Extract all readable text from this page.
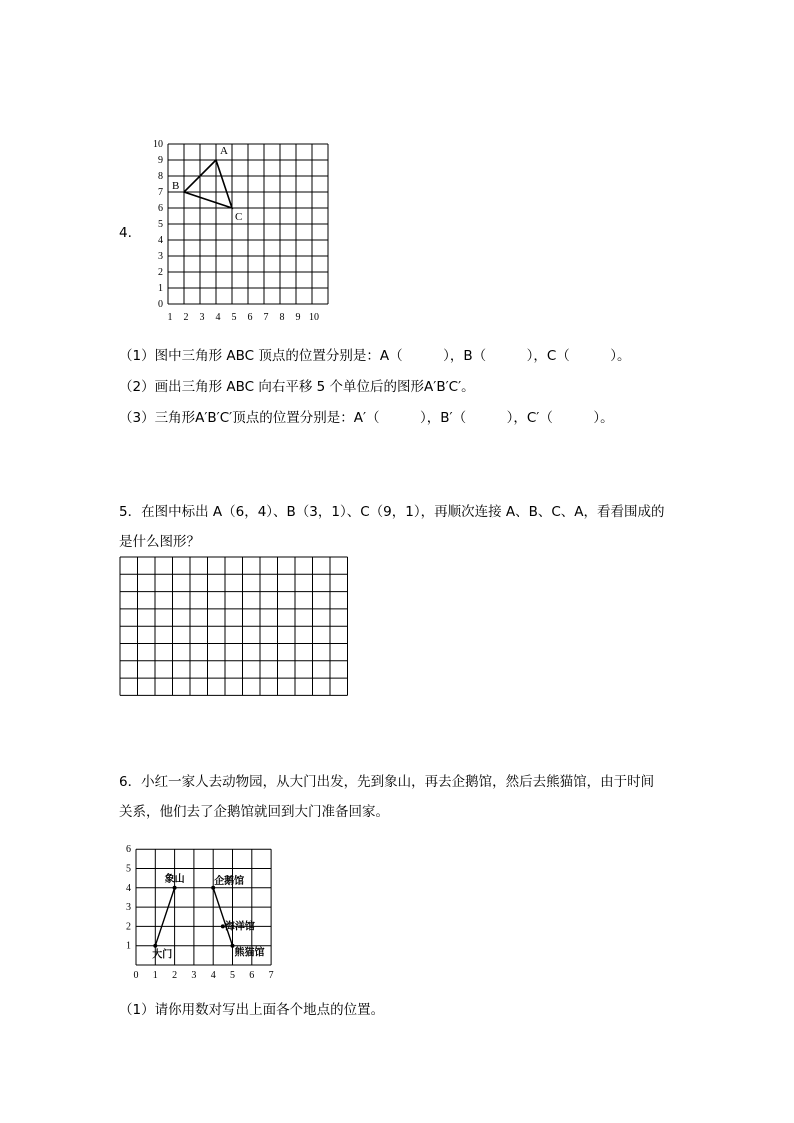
4.
0
1
2
3
4
5
6
7
8
9
10
1 2 3 4 5 6 7 8 9 10
A
B
C
（1）图中三角形 ABC 顶点的位置分别是：A（　　　），B（　　　），C（　　　）。
（2）画出三角形 ABC 向右平移 5 个单位后的图形A′B′C′。
（3）三角形A′B′C′顶点的位置分别是：A′（　　　），B′（　　　），C′（　　　）。
5．在图中标出 A（6，4）、B（3，1）、C（9，1），再顺次连接 A、B、C、A，看看围成的
是什么图形？
6．小红一家人去动物园，从大门出发，先到象山，再去企鹅馆，然后去熊猫馆，由于时间
关系，他们去了企鹅馆就回到大门准备回家。
1
2
3
4
5
6
0 1 2 3 4 5 6 7
大门
象山	企鹅馆
海洋馆
熊猫馆
（1）请你用数对写出上面各个地点的位置。
